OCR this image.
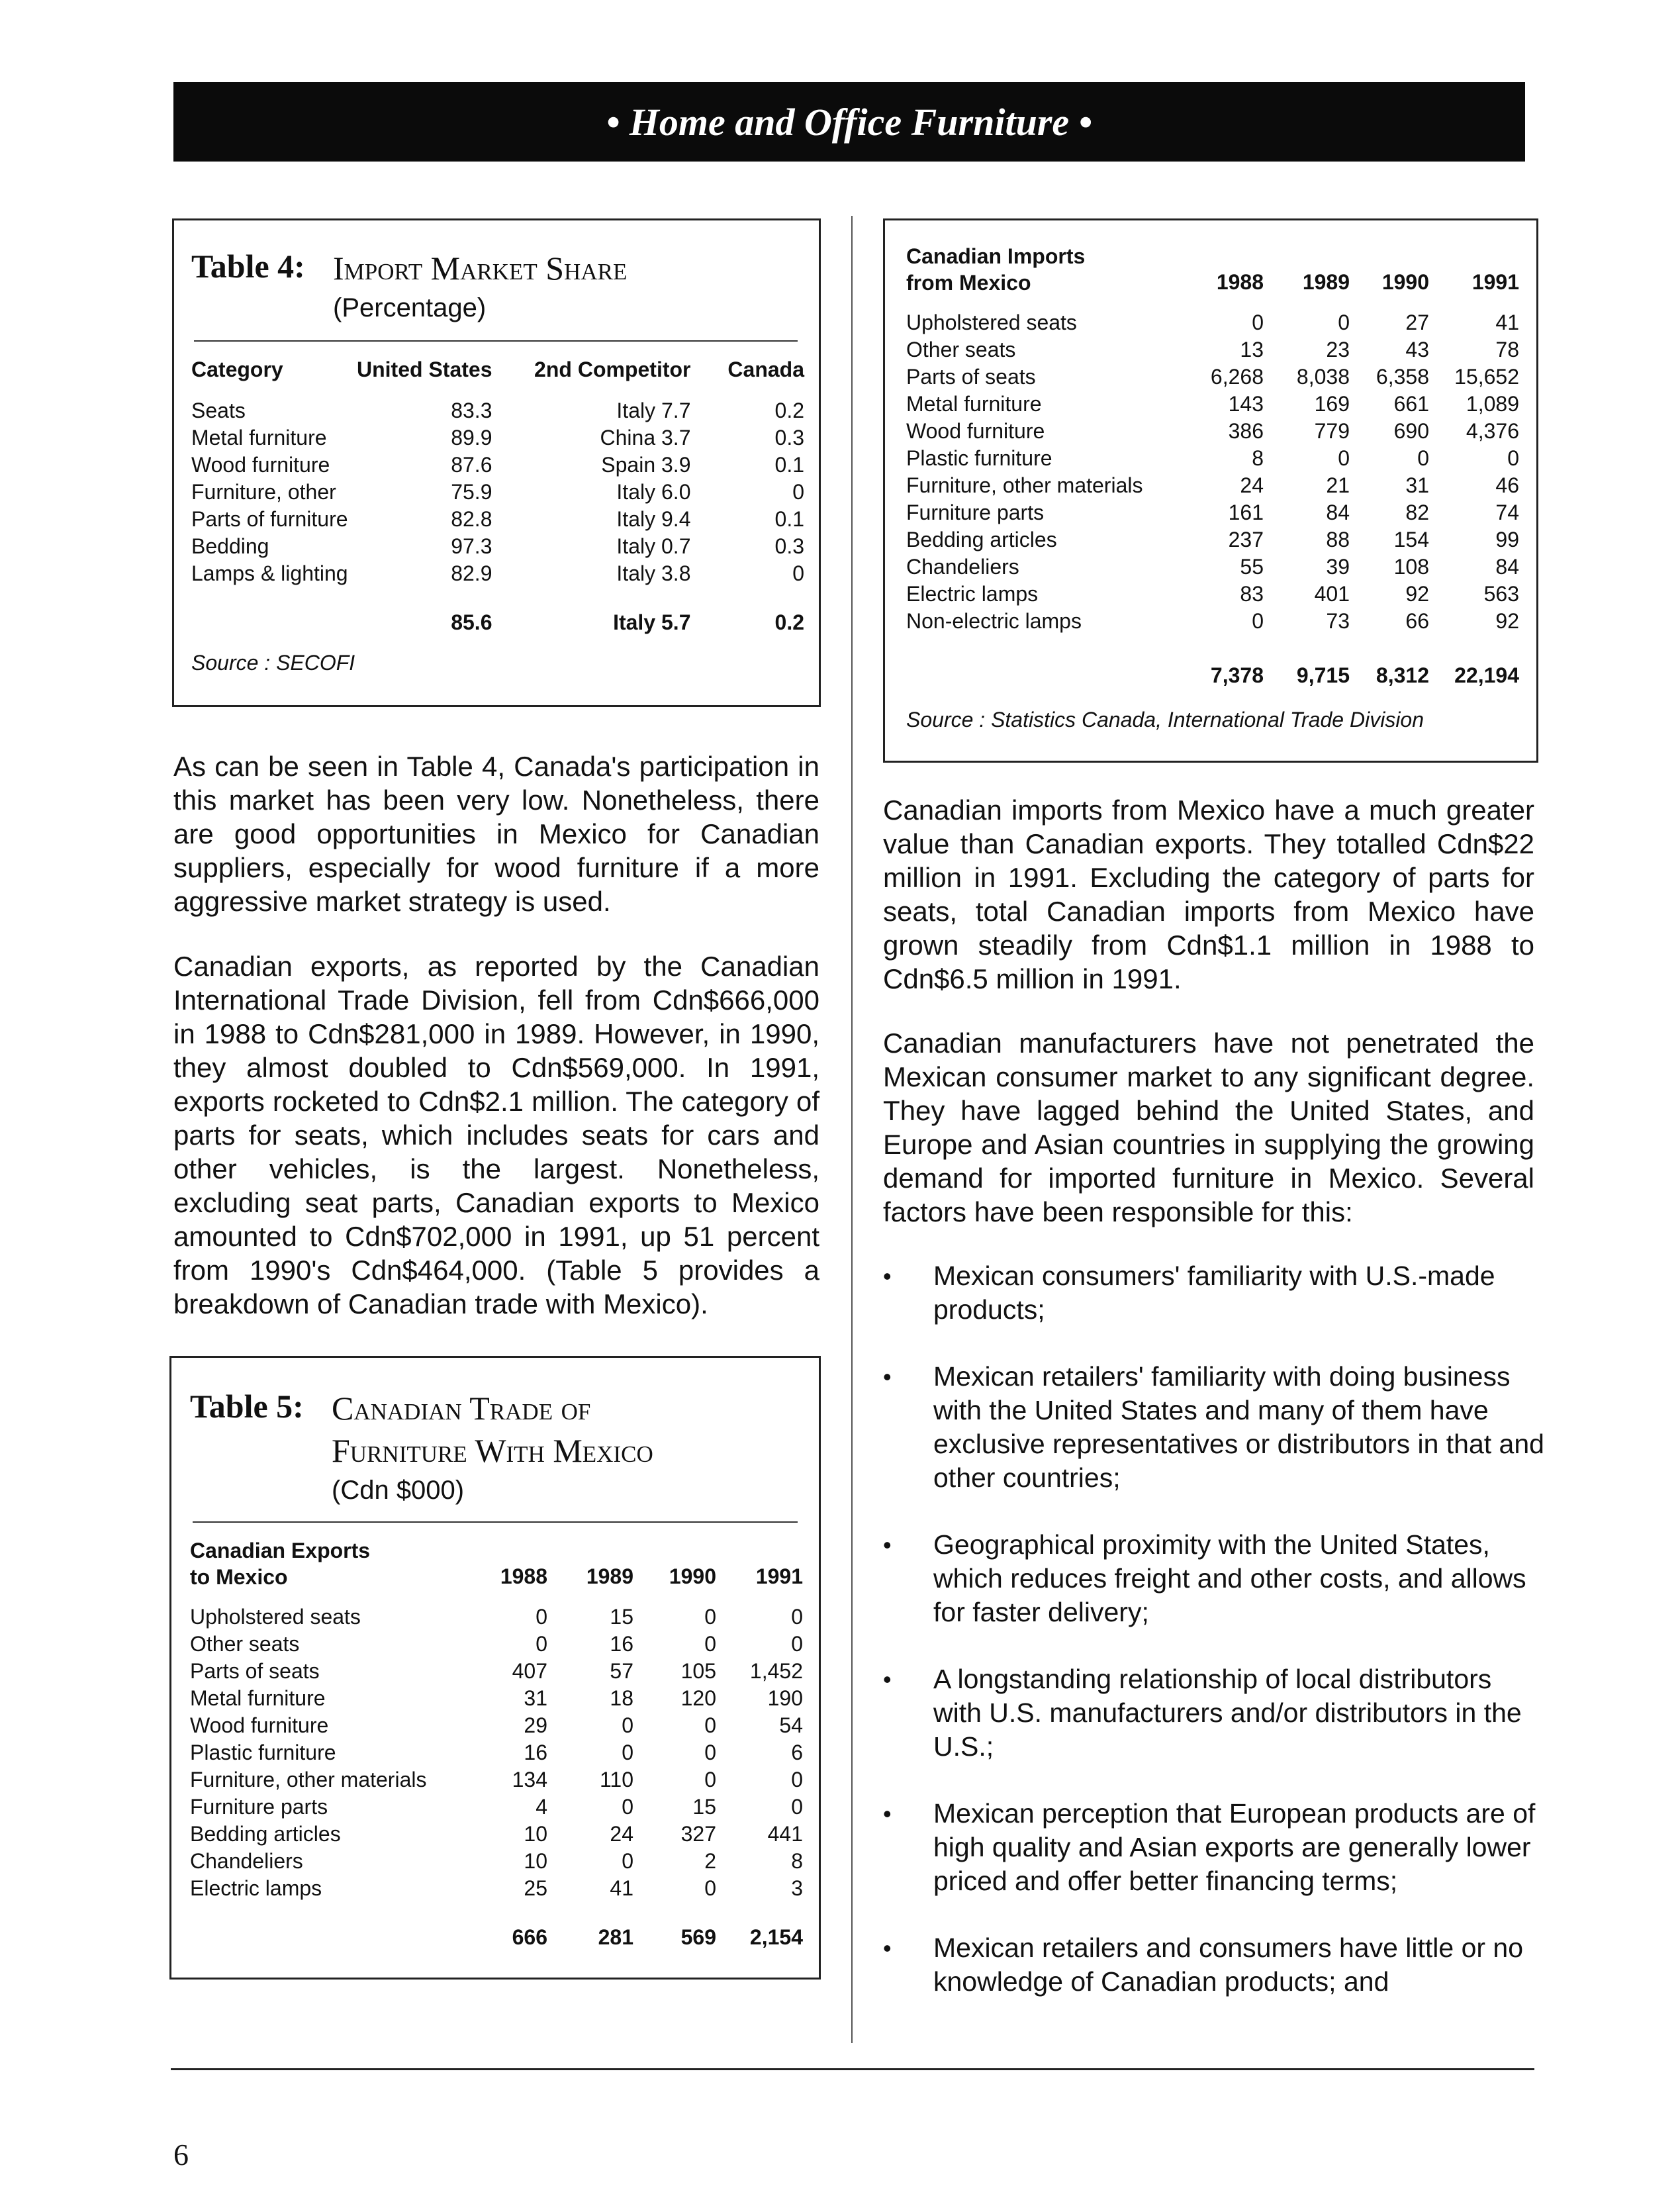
• Home and Office Furniture •
Table 4: Import Market Share
(Percentage)
Category	United States	2nd Competitor	Canada
Seats	83.3	Italy 7.7	0.2
Metal furniture	89.9	China 3.7	0.3
Wood furniture	87.6	Spain 3.9	0.1
Furniture, other	75.9	Italy 6.0	0
Parts of furniture	82.8	Italy 9.4	0.1
Bedding	97.3	Italy 0.7	0.3
Lamps & lighting	82.9	Italy 3.8	0
	85.6	Italy 5.7	0.2
Source : SECOFI
Canadian Imports
from Mexico	1988	1989	1990	1991

Upholstered seats	0	0	27	41
Other seats	13	23	43	78
Parts of seats	6,268	8,038	6,358	15,652
Metal furniture	143	169	661	1,089
Wood furniture	386	779	690	4,376
Plastic furniture	8	0	0	0
Furniture, other materials	24	21	31	46
Furniture parts	161	84	82	74
Bedding articles	237	88	154	99
Chandeliers	55	39	108	84
Electric lamps	83	401	92	563
Non-electric lamps	0	73	66	92
	7,378	9,715	8,312	22,194
Source : Statistics Canada, International Trade Division
As can be seen in Table 4, Canada's participation in this market has been very low. Nonetheless, there are good opportunities in Mexico for Canadian suppliers, especially for wood furniture if a more aggressive market strategy is used.
Canadian exports, as reported by the Canadian International Trade Division, fell from Cdn$666,000 in 1988 to Cdn$281,000 in 1989. However, in 1990, they almost doubled to Cdn$569,000. In 1991, exports rocketed to Cdn$2.1 million. The category of parts for seats, which includes seats for cars and other vehicles, is the largest. Nonetheless, excluding seat parts, Canadian exports to Mexico amounted to Cdn$702,000 in 1991, up 51 percent from 1990's Cdn$464,000. (Table 5 provides a breakdown of Canadian trade with Mexico).
Table 5: Canadian Trade of
Furniture With Mexico
(Cdn $000)
Canadian Exports
to Mexico	1988	1989	1990	1991

Upholstered seats	0	15	0	0
Other seats	0	16	0	0
Parts of seats	407	57	105	1,452
Metal furniture	31	18	120	190
Wood furniture	29	0	0	54
Plastic furniture	16	0	0	6
Furniture, other materials	134	110	0	0
Furniture parts	4	0	15	0
Bedding articles	10	24	327	441
Chandeliers	10	0	2	8
Electric lamps	25	41	0	3
	666	281	569	2,154
Canadian imports from Mexico have a much greater value than Canadian exports. They totalled Cdn$22 million in 1991. Excluding the category of parts for seats, total Canadian imports from Mexico have grown steadily from Cdn$1.1 million in 1988 to Cdn$6.5 million in 1991.
Canadian manufacturers have not penetrated the Mexican consumer market to any significant degree. They have lagged behind the United States, and Europe and Asian countries in supplying the growing demand for imported furniture in Mexico. Several factors have been responsible for this:
•	Mexican consumers' familiarity with U.S.-made products;
•	Mexican retailers' familiarity with doing business with the United States and many of them have exclusive representatives or distributors in that and other countries;
•	Geographical proximity with the United States, which reduces freight and other costs, and allows for faster delivery;
•	A longstanding relationship of local distributors with U.S. manufacturers and/or distributors in the U.S.;
•	Mexican perception that European products are of high quality and Asian exports are generally lower priced and offer better financing terms;
•	Mexican retailers and consumers have little or no knowledge of Canadian products; and
6
